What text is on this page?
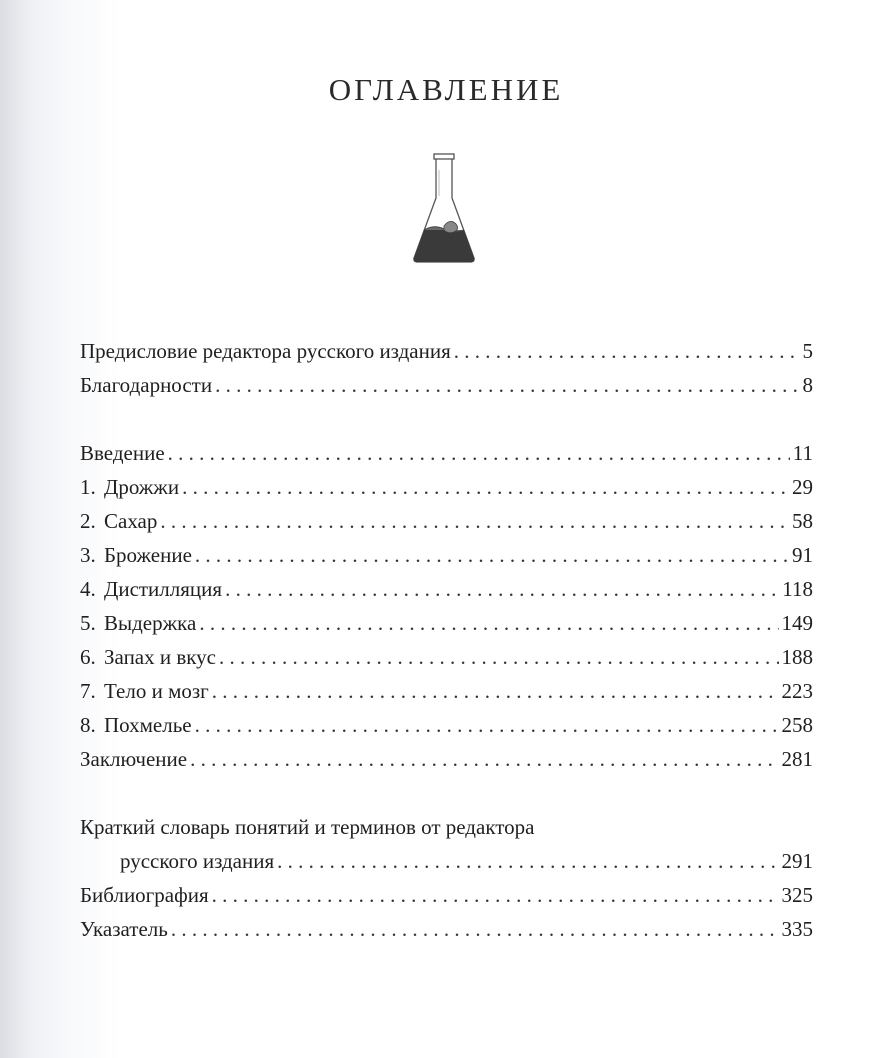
ОГЛАВЛЕНИЕ
Предисловие редактора русского издания . . .	5
Благодарности . . .	8
Введение . . .	11
1. Дрожжи . . .	29
2. Сахар . . .	58
3. Брожение . . .	91
4. Дистилляция . . .	118
5. Выдержка . . .	149
6. Запах и вкус . . .	188
7. Тело и мозг . . .	223
8. Похмелье . . .	258
Заключение . . .	281
Краткий словарь понятий и терминов от редактора
русского издания . . .	291
Библиография . . .	325
Указатель . . .	335
